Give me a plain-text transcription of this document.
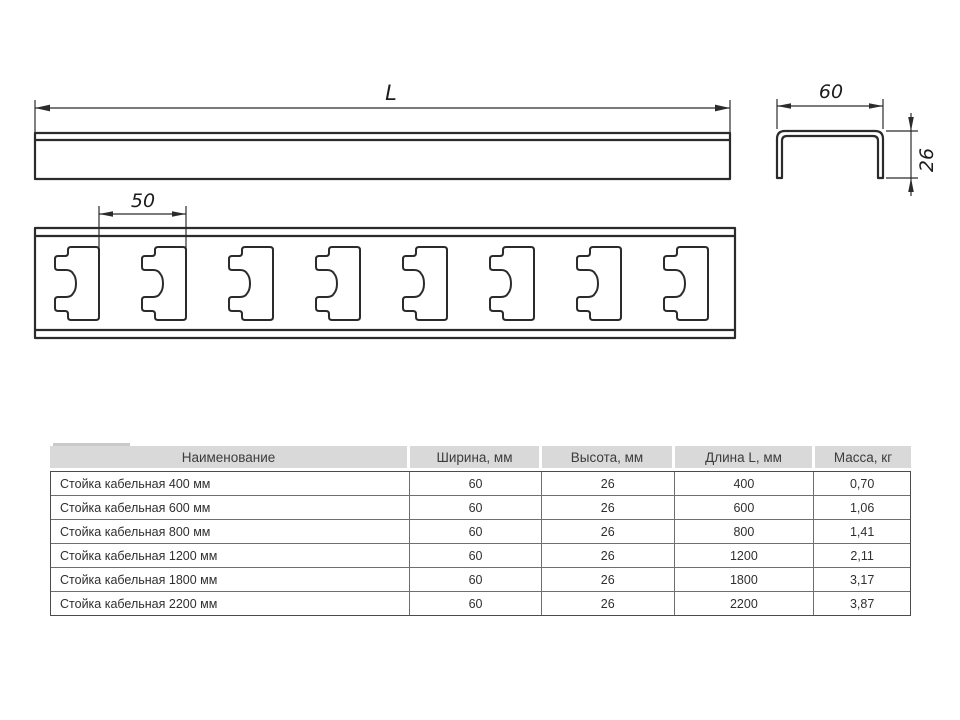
L	60
26
50
Наименование	Ширина, мм	Высота, мм	Длина L, мм	Масса, кг
Стойка кабельная 400 мм	60	26	400	0,70
Стойка кабельная 600 мм	60	26	600	1,06
Стойка кабельная 800 мм	60	26	800	1,41
Стойка кабельная 1200 мм	60	26	1200	2,11
Стойка кабельная 1800 мм	60	26	1800	3,17
Стойка кабельная 2200 мм	60	26	2200	3,87
